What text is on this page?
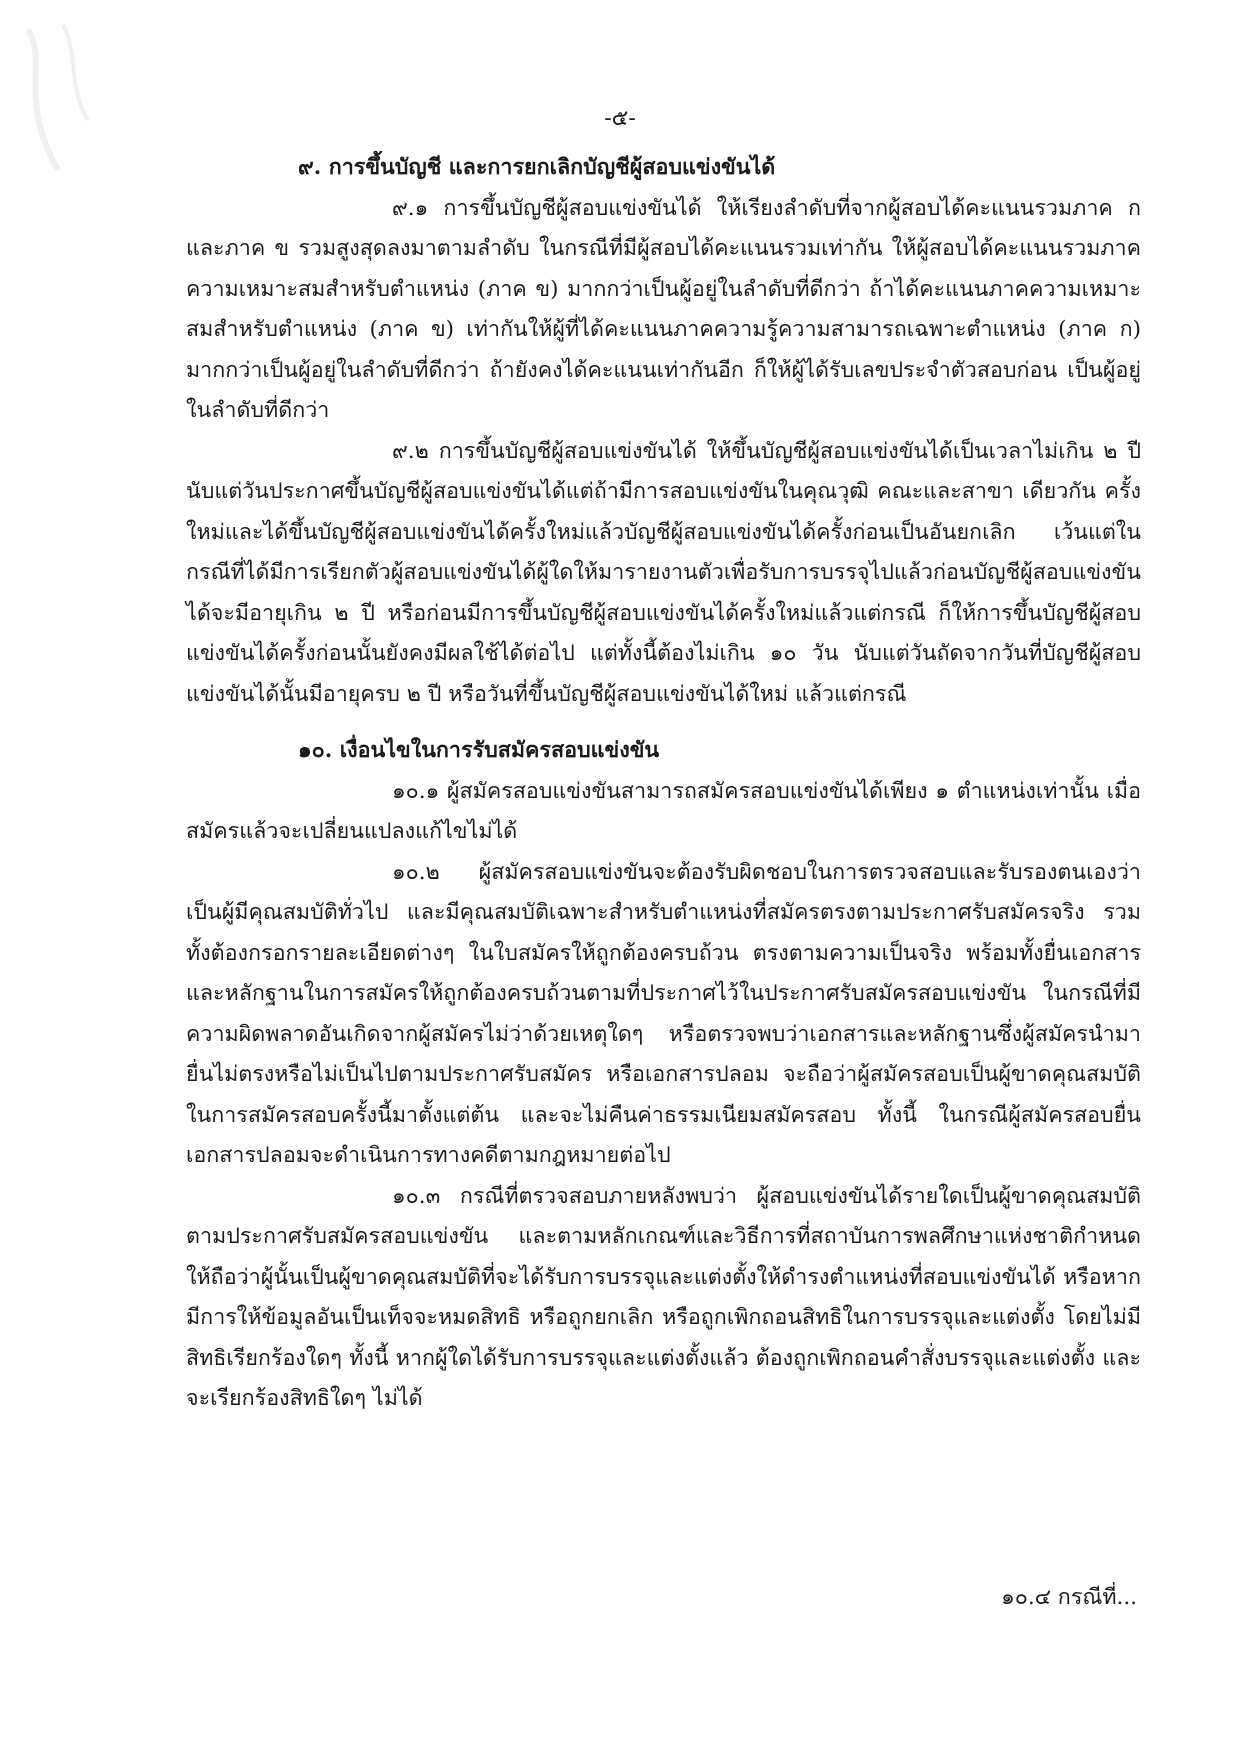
-๕-

๙. การขึ้นบัญชี และการยกเลิกบัญชีผู้สอบแข่งขันได้

๙.๑ การขึ้นบัญชีผู้สอบแข่งขันได้ ให้เรียงลำดับที่จากผู้สอบได้คะแนนรวมภาค ก และภาค ข รวมสูงสุดลงมาตามลำดับ ในกรณีที่มีผู้สอบได้คะแนนรวมเท่ากัน ให้ผู้สอบได้คะแนนรวมภาคความเหมาะสมสำหรับตำแหน่ง (ภาค ข) มากกว่าเป็นผู้อยู่ในลำดับที่ดีกว่า ถ้าได้คะแนนภาคความเหมาะสมสำหรับตำแหน่ง (ภาค ข) เท่ากันให้ผู้ที่ได้คะแนนภาคความรู้ความสามารถเฉพาะตำแหน่ง (ภาค ก) มากกว่าเป็นผู้อยู่ในลำดับที่ดีกว่า ถ้ายังคงได้คะแนนเท่ากันอีก ก็ให้ผู้ได้รับเลขประจำตัวสอบก่อน เป็นผู้อยู่ในลำดับที่ดีกว่า

๙.๒ การขึ้นบัญชีผู้สอบแข่งขันได้ ให้ขึ้นบัญชีผู้สอบแข่งขันได้เป็นเวลาไม่เกิน ๒ ปี นับแต่วันประกาศขึ้นบัญชีผู้สอบแข่งขันได้แต่ถ้ามีการสอบแข่งขันในคุณวุฒิ คณะและสาขา เดียวกัน ครั้งใหม่และได้ขึ้นบัญชีผู้สอบแข่งขันได้ครั้งใหม่แล้วบัญชีผู้สอบแข่งขันได้ครั้งก่อนเป็นอันยกเลิก เว้นแต่ในกรณีที่ได้มีการเรียกตัวผู้สอบแข่งขันได้ผู้ใดให้มารายงานตัวเพื่อรับการบรรจุไปแล้วก่อนบัญชีผู้สอบแข่งขันได้จะมีอายุเกิน ๒ ปี หรือก่อนมีการขึ้นบัญชีผู้สอบแข่งขันได้ครั้งใหม่แล้วแต่กรณี ก็ให้การขึ้นบัญชีผู้สอบแข่งขันได้ครั้งก่อนนั้นยังคงมีผลใช้ได้ต่อไป แต่ทั้งนี้ต้องไม่เกิน ๑๐ วัน นับแต่วันถัดจากวันที่บัญชีผู้สอบแข่งขันได้นั้นมีอายุครบ ๒ ปี หรือวันที่ขึ้นบัญชีผู้สอบแข่งขันได้ใหม่ แล้วแต่กรณี

๑๐. เงื่อนไขในการรับสมัครสอบแข่งขัน

๑๐.๑ ผู้สมัครสอบแข่งขันสามารถสมัครสอบแข่งขันได้เพียง ๑ ตำแหน่งเท่านั้น เมื่อสมัครแล้วจะเปลี่ยนแปลงแก้ไขไม่ได้

๑๐.๒ ผู้สมัครสอบแข่งขันจะต้องรับผิดชอบในการตรวจสอบและรับรองตนเองว่าเป็นผู้มีคุณสมบัติทั่วไป และมีคุณสมบัติเฉพาะสำหรับตำแหน่งที่สมัครตรงตามประกาศรับสมัครจริง รวมทั้งต้องกรอกรายละเอียดต่างๆ ในใบสมัครให้ถูกต้องครบถ้วน ตรงตามความเป็นจริง พร้อมทั้งยื่นเอกสารและหลักฐานในการสมัครให้ถูกต้องครบถ้วนตามที่ประกาศไว้ในประกาศรับสมัครสอบแข่งขัน ในกรณีที่มีความผิดพลาดอันเกิดจากผู้สมัครไม่ว่าด้วยเหตุใดๆ หรือตรวจพบว่าเอกสารและหลักฐานซึ่งผู้สมัครนำมายื่นไม่ตรงหรือไม่เป็นไปตามประกาศรับสมัคร หรือเอกสารปลอม จะถือว่าผู้สมัครสอบเป็นผู้ขาดคุณสมบัติในการสมัครสอบครั้งนี้มาตั้งแต่ต้น และจะไม่คืนค่าธรรมเนียมสมัครสอบ ทั้งนี้ ในกรณีผู้สมัครสอบยื่นเอกสารปลอมจะดำเนินการทางคดีตามกฎหมายต่อไป

๑๐.๓ กรณีที่ตรวจสอบภายหลังพบว่า ผู้สอบแข่งขันได้รายใดเป็นผู้ขาดคุณสมบัติตามประกาศรับสมัครสอบแข่งขัน และตามหลักเกณฑ์และวิธีการที่สถาบันการพลศึกษาแห่งชาติกำหนด ให้ถือว่าผู้นั้นเป็นผู้ขาดคุณสมบัติที่จะได้รับการบรรจุและแต่งตั้งให้ดำรงตำแหน่งที่สอบแข่งขันได้ หรือหากมีการให้ข้อมูลอันเป็นเท็จจะหมดสิทธิ หรือถูกยกเลิก หรือถูกเพิกถอนสิทธิในการบรรจุและแต่งตั้ง โดยไม่มีสิทธิเรียกร้องใดๆ ทั้งนี้ หากผู้ใดได้รับการบรรจุและแต่งตั้งแล้ว ต้องถูกเพิกถอนคำสั่งบรรจุและแต่งตั้ง และจะเรียกร้องสิทธิใดๆ ไม่ได้

๑๐.๔ กรณีที่...
